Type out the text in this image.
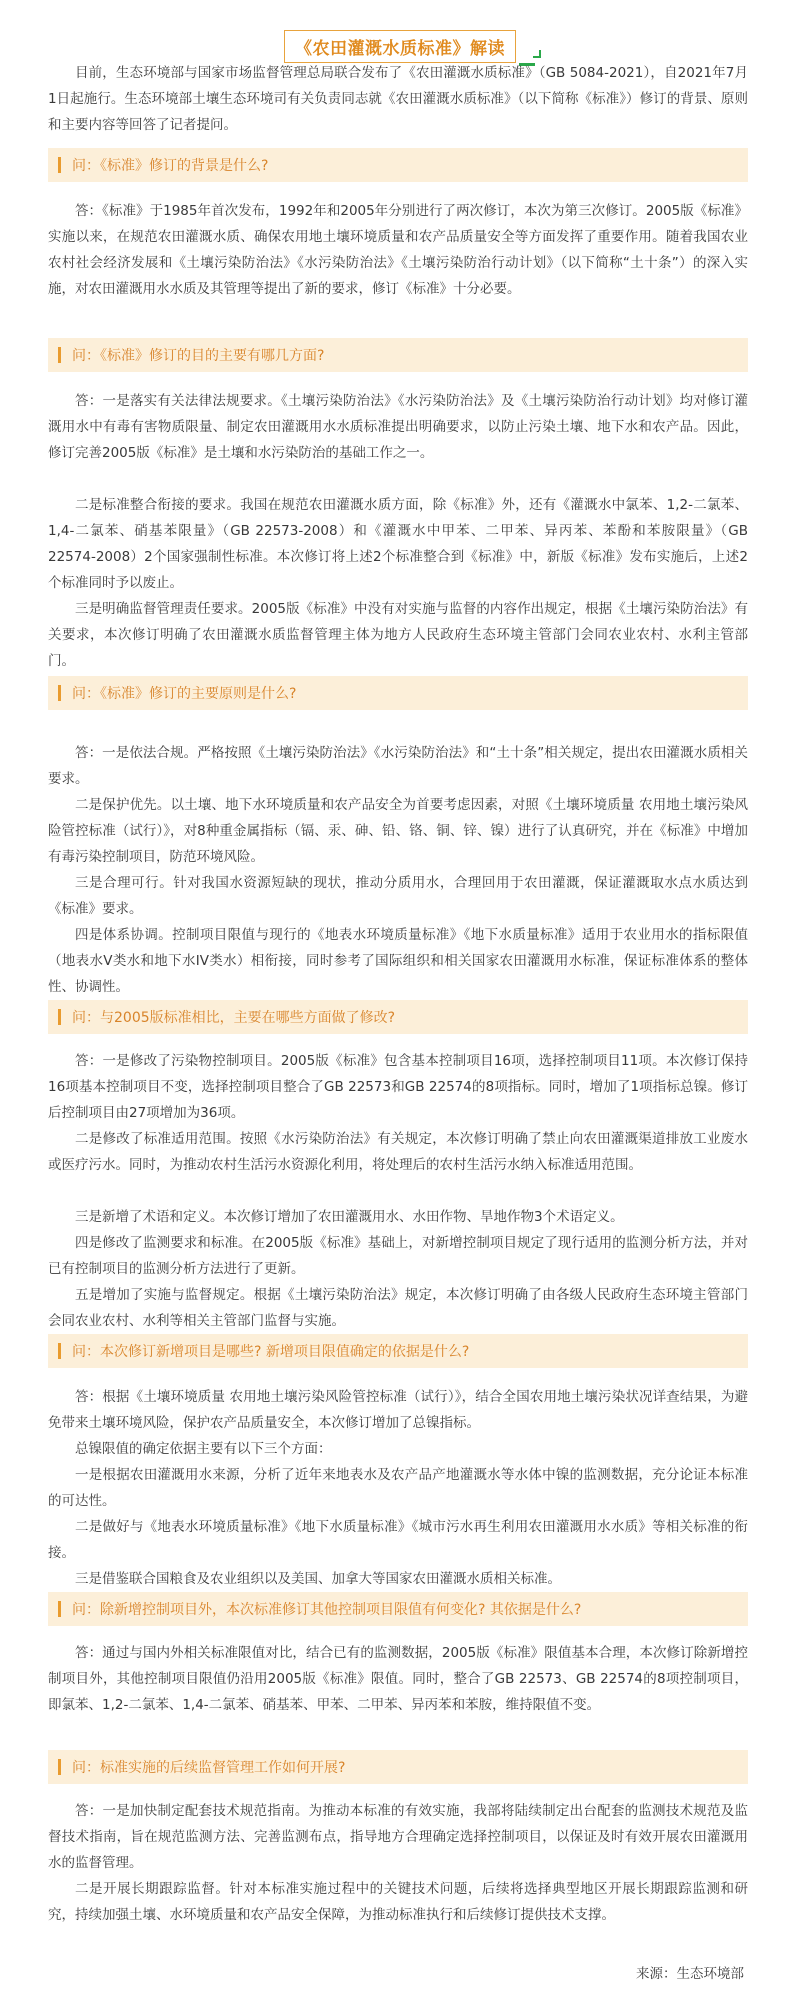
《农田灌溉水质标准》解读

目前，生态环境部与国家市场监督管理总局联合发布了《农田灌溉水质标准》（GB 5084-2021），自2021年7月1日起施行。生态环境部土壤生态环境司有关负责同志就《农田灌溉水质标准》（以下简称《标准》）修订的背景、原则和主要内容等回答了记者提问。

问：《标准》修订的背景是什么?

答：《标准》于1985年首次发布，1992年和2005年分别进行了两次修订，本次为第三次修订。2005版《标准》实施以来，在规范农田灌溉水质、确保农用地土壤环境质量和农产品质量安全等方面发挥了重要作用。随着我国农业农村社会经济发展和《土壤污染防治法》《水污染防治法》《土壤污染防治行动计划》（以下简称“土十条”）的深入实施，对农田灌溉用水水质及其管理等提出了新的要求，修订《标准》十分必要。

问：《标准》修订的目的主要有哪几方面?

答：一是落实有关法律法规要求。《土壤污染防治法》《水污染防治法》及《土壤污染防治行动计划》均对修订灌溉用水中有毒有害物质限量、制定农田灌溉用水水质标准提出明确要求，以防止污染土壤、地下水和农产品。因此，修订完善2005版《标准》是土壤和水污染防治的基础工作之一。

二是标准整合衔接的要求。我国在规范农田灌溉水质方面，除《标准》外，还有《灌溉水中氯苯、1,2-二氯苯、1,4-二氯苯、硝基苯限量》（GB 22573-2008）和《灌溉水中甲苯、二甲苯、异丙苯、苯酚和苯胺限量》（GB 22574-2008）2个国家强制性标准。本次修订将上述2个标准整合到《标准》中，新版《标准》发布实施后，上述2个标准同时予以废止。

三是明确监督管理责任要求。2005版《标准》中没有对实施与监督的内容作出规定，根据《土壤污染防治法》有关要求，本次修订明确了农田灌溉水质监督管理主体为地方人民政府生态环境主管部门会同农业农村、水利主管部门。

问：《标准》修订的主要原则是什么?

答：一是依法合规。严格按照《土壤污染防治法》《水污染防治法》和“土十条”相关规定，提出农田灌溉水质相关要求。

二是保护优先。以土壤、地下水环境质量和农产品安全为首要考虑因素，对照《土壤环境质量 农用地土壤污染风险管控标准（试行）》，对8种重金属指标（镉、汞、砷、铅、铬、铜、锌、镍）进行了认真研究，并在《标准》中增加有毒污染控制项目，防范环境风险。

三是合理可行。针对我国水资源短缺的现状，推动分质用水，合理回用于农田灌溉，保证灌溉取水点水质达到《标准》要求。

四是体系协调。控制项目限值与现行的《地表水环境质量标准》《地下水质量标准》适用于农业用水的指标限值（地表水V类水和地下水IV类水）相衔接，同时参考了国际组织和相关国家农田灌溉用水标准，保证标准体系的整体性、协调性。

问：与2005版标准相比，主要在哪些方面做了修改?

答：一是修改了污染物控制项目。2005版《标准》包含基本控制项目16项，选择控制项目11项。本次修订保持16项基本控制项目不变，选择控制项目整合了GB 22573和GB 22574的8项指标。同时，增加了1项指标总镍。修订后控制项目由27项增加为36项。

二是修改了标准适用范围。按照《水污染防治法》有关规定，本次修订明确了禁止向农田灌溉渠道排放工业废水或医疗污水。同时，为推动农村生活污水资源化利用，将处理后的农村生活污水纳入标准适用范围。

三是新增了术语和定义。本次修订增加了农田灌溉用水、水田作物、旱地作物3个术语定义。

四是修改了监测要求和标准。在2005版《标准》基础上，对新增控制项目规定了现行适用的监测分析方法，并对已有控制项目的监测分析方法进行了更新。

五是增加了实施与监督规定。根据《土壤污染防治法》规定，本次修订明确了由各级人民政府生态环境主管部门会同农业农村、水利等相关主管部门监督与实施。

问：本次修订新增项目是哪些? 新增项目限值确定的依据是什么?

答：根据《土壤环境质量 农用地土壤污染风险管控标准（试行）》，结合全国农用地土壤污染状况详查结果，为避免带来土壤环境风险，保护农产品质量安全，本次修订增加了总镍指标。

总镍限值的确定依据主要有以下三个方面：

一是根据农田灌溉用水来源，分析了近年来地表水及农产品产地灌溉水等水体中镍的监测数据，充分论证本标准的可达性。

二是做好与《地表水环境质量标准》《地下水质量标准》《城市污水再生利用农田灌溉用水水质》等相关标准的衔接。

三是借鉴联合国粮食及农业组织以及美国、加拿大等国家农田灌溉水质相关标准。

问：除新增控制项目外，本次标准修订其他控制项目限值有何变化? 其依据是什么?

答：通过与国内外相关标准限值对比，结合已有的监测数据，2005版《标准》限值基本合理，本次修订除新增控制项目外，其他控制项目限值仍沿用2005版《标准》限值。同时，整合了GB 22573、GB 22574的8项控制项目，即氯苯、1,2-二氯苯、1,4-二氯苯、硝基苯、甲苯、二甲苯、异丙苯和苯胺，维持限值不变。

问：标准实施的后续监督管理工作如何开展?

答：一是加快制定配套技术规范指南。为推动本标准的有效实施，我部将陆续制定出台配套的监测技术规范及监督技术指南，旨在规范监测方法、完善监测布点，指导地方合理确定选择控制项目，以保证及时有效开展农田灌溉用水的监督管理。

二是开展长期跟踪监督。针对本标准实施过程中的关键技术问题，后续将选择典型地区开展长期跟踪监测和研究，持续加强土壤、水环境质量和农产品安全保障，为推动标准执行和后续修订提供技术支撑。

来源：生态环境部
